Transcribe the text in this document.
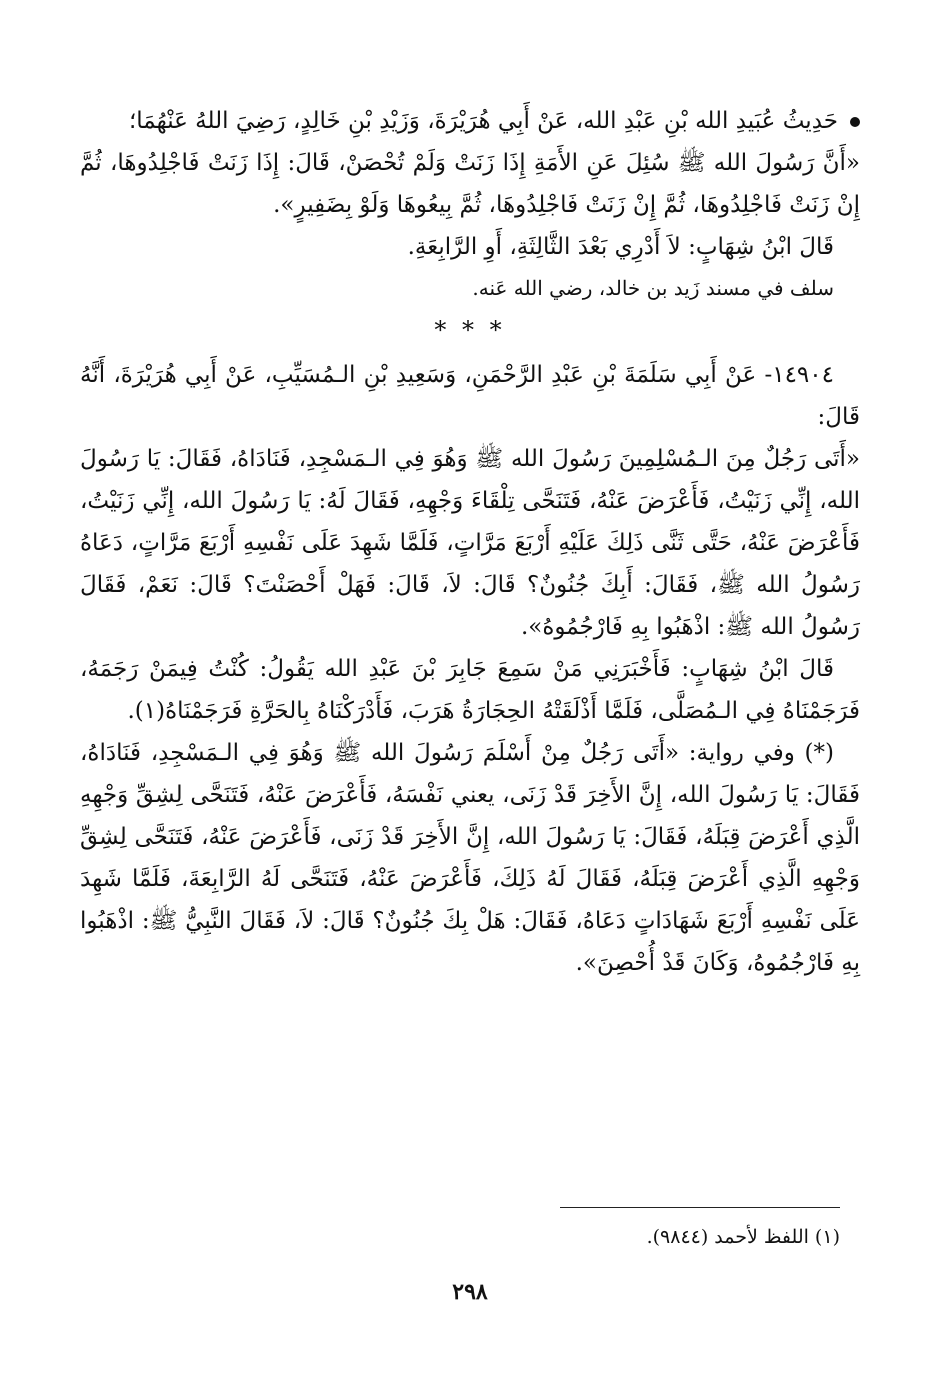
حَدِيثُ عُبَيدِ الله بْنِ عَبْدِ الله، عَنْ أَبِي هُرَيْرَةَ، وَزَيْدِ بْنِ خَالِدٍ، رَضِيَ اللهُ عَنْهُمَا؛

«أَنَّ رَسُولَ الله ﷺ سُئِلَ عَنِ الأَمَةِ إِذَا زَنَتْ وَلَمْ تُحْصَنْ، قَالَ: إِذَا زَنَتْ فَاجْلِدُوهَا، ثُمَّ إِنْ زَنَتْ فَاجْلِدُوهَا، ثُمَّ إِنْ زَنَتْ فَاجْلِدُوهَا، ثُمَّ بِيعُوهَا وَلَوْ بِضَفِيرٍ».

قَالَ ابْنُ شِهَابٍ: لاَ أَدْرِي بَعْدَ الثَّالِثَةِ، أَوِ الرَّابِعَةِ.

سلف في مسند زَيد بن خالد، رضي الله عَنه.

* * *

١٤٩٠٤- عَنْ أَبِي سَلَمَةَ بْنِ عَبْدِ الرَّحْمَنِ، وَسَعِيدِ بْنِ الـمُسَيِّبِ، عَنْ أَبِي هُرَيْرَةَ، أَنَّهُ قَالَ:

«أَتَى رَجُلٌ مِنَ الـمُسْلِمِينَ رَسُولَ الله ﷺ وَهُوَ فِي الـمَسْجِدِ، فَنَادَاهُ، فَقَالَ: يَا رَسُولَ الله، إِنِّي زَنَيْتُ، فَأَعْرَضَ عَنْهُ، فَتَنَحَّى تِلْقَاءَ وَجْهِهِ، فَقَالَ لَهُ: يَا رَسُولَ الله، إِنِّي زَنَيْتُ، فَأَعْرَضَ عَنْهُ، حَتَّى ثَنَّى ذَلِكَ عَلَيْهِ أَرْبَعَ مَرَّاتٍ، فَلَمَّا شَهِدَ عَلَى نَفْسِهِ أَرْبَعَ مَرَّاتٍ، دَعَاهُ رَسُولُ الله ﷺ، فَقَالَ: أَبِكَ جُنُونٌ؟ قَالَ: لاَ، قَالَ: فَهَلْ أَحْصَنْتَ؟ قَالَ: نَعَمْ، فَقَالَ رَسُولُ الله ﷺ: اذْهَبُوا بِهِ فَارْجُمُوهُ».

قَالَ ابْنُ شِهَابٍ: فَأَخْبَرَنِي مَنْ سَمِعَ جَابِرَ بْنَ عَبْدِ الله يَقُولُ: كُنْتُ فِيمَنْ رَجَمَهُ، فَرَجَمْنَاهُ فِي الـمُصَلَّى، فَلَمَّا أَذْلَقَتْهُ الحِجَارَةُ هَرَبَ، فَأَدْرَكْنَاهُ بِالحَرَّةِ فَرَجَمْنَاهُ(١).

(*) وفي رواية: «أَتَى رَجُلٌ مِنْ أَسْلَمَ رَسُولَ الله ﷺ وَهُوَ فِي الـمَسْجِدِ، فَنَادَاهُ، فَقَالَ: يَا رَسُولَ الله، إِنَّ الأَخِرَ قَدْ زَنَى، يعني نَفْسَهُ، فَأَعْرَضَ عَنْهُ، فَتَنَحَّى لِشِقِّ وَجْهِهِ الَّذِي أَعْرَضَ قِبَلَهُ، فَقَالَ: يَا رَسُولَ الله، إِنَّ الأَخِرَ قَدْ زَنَى، فَأَعْرَضَ عَنْهُ، فَتَنَحَّى لِشِقِّ وَجْهِهِ الَّذِي أَعْرَضَ قِبَلَهُ، فَقَالَ لَهُ ذَلِكَ، فَأَعْرَضَ عَنْهُ، فَتَنَحَّى لَهُ الرَّابِعَةَ، فَلَمَّا شَهِدَ عَلَى نَفْسِهِ أَرْبَعَ شَهَادَاتٍ دَعَاهُ، فَقَالَ: هَلْ بِكَ جُنُونٌ؟ قَالَ: لاَ، فَقَالَ النَّبِيُّ ﷺ: اذْهَبُوا بِهِ فَارْجُمُوهُ، وَكَانَ قَدْ أُحْصِنَ».

(١) اللفظ لأحمد (٩٨٤٤).
٢٩٨
